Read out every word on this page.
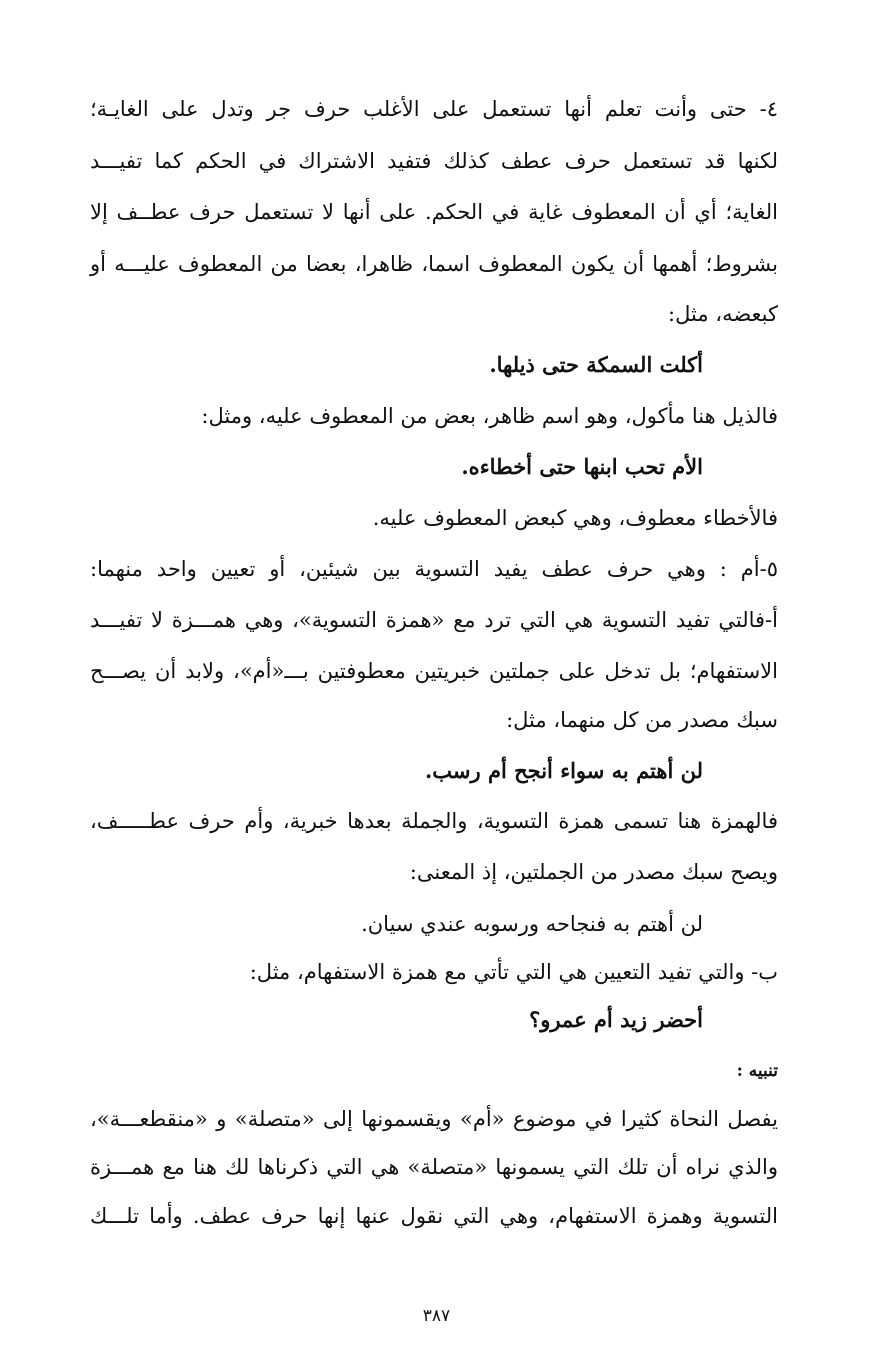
٤- حتى وأنت تعلم أنها تستعمل على الأغلب حرف جر وتدل على الغايـة؛
لكنها قد تستعمل حرف عطف كذلك فتفيد الاشتراك في الحكم كما تفيـــد
الغاية؛ أي أن المعطوف غاية في الحكم. على أنها لا تستعمل حرف عطــف إلا
بشروط؛ أهمها أن يكون المعطوف اسما، ظاهرا، بعضا من المعطوف عليـــه أو
كبعضه، مثل:
أكلت السمكة حتى ذيلها.
فالذيل هنا مأكول، وهو اسم ظاهر، بعض من المعطوف عليه، ومثل:
الأم تحب ابنها حتى أخطاءه.
فالأخطاء معطوف، وهي كبعض المعطوف عليه.
٥-أم : وهي حرف عطف يفيد التسوية بين شيئين، أو تعيين واحد منهما:
أ-فالتي تفيد التسوية هي التي ترد مع «همزة التسوية»، وهي همـــزة لا تفيـــد
الاستفهام؛ بل تدخل على جملتين خبريتين معطوفتين بـــ«أم»، ولابد أن يصـــح
سبك مصدر من كل منهما، مثل:
لن أهتم به سواء أنجح أم رسب.
فالهمزة هنا تسمى همزة التسوية، والجملة بعدها خبرية، وأم حرف عطـــــف،
ويصح سبك مصدر من الجملتين، إذ المعنى:
لن أهتم به فنجاحه ورسوبه عندي سيان.
ب- والتي تفيد التعيين هي التي تأتي مع همزة الاستفهام، مثل:
أحضر زيد أم عمرو؟
تنبيه :
يفصل النحاة كثيرا في موضوع «أم» ويقسمونها إلى «متصلة» و «منقطعـــة»،
والذي نراه أن تلك التي يسمونها «متصلة» هي التي ذكرناها لك هنا مع همـــزة
التسوية وهمزة الاستفهام، وهي التي نقول عنها إنها حرف عطف. وأما تلـــك
٣٨٧
